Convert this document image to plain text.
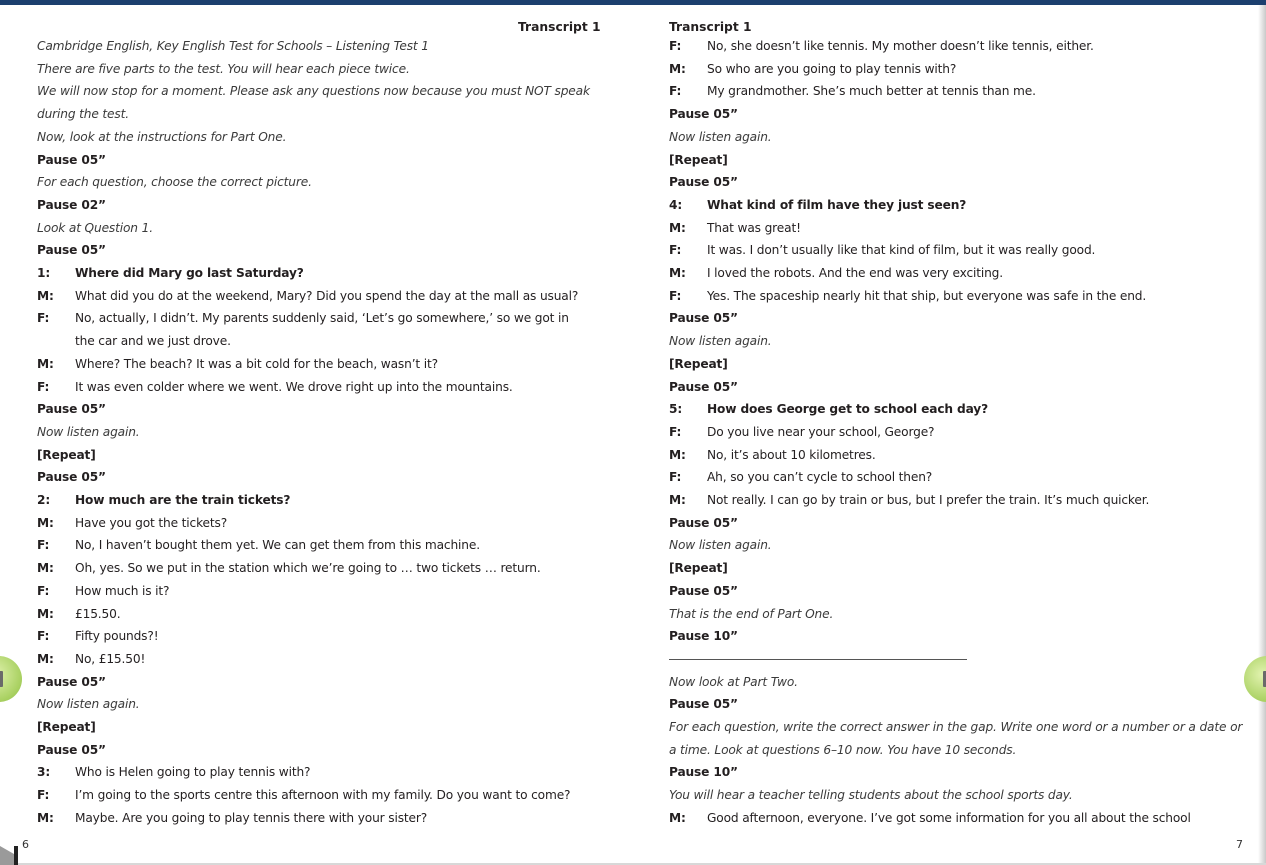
Transcript 1
Cambridge English, Key English Test for Schools – Listening Test 1
There are five parts to the test. You will hear each piece twice.
We will now stop for a moment. Please ask any questions now because you must NOT speak
during the test.
Now, look at the instructions for Part One.
Pause 05”
For each question, choose the correct picture.
Pause 02”
Look at Question 1.
Pause 05”
1: Where did Mary go last Saturday?
M: What did you do at the weekend, Mary? Did you spend the day at the mall as usual?
F: No, actually, I didn’t. My parents suddenly said, ‘Let’s go somewhere,’ so we got in
the car and we just drove.
M: Where? The beach? It was a bit cold for the beach, wasn’t it?
F: It was even colder where we went. We drove right up into the mountains.
Pause 05”
Now listen again.
[Repeat]
Pause 05”
2: How much are the train tickets?
M: Have you got the tickets?
F: No, I haven’t bought them yet. We can get them from this machine.
M: Oh, yes. So we put in the station which we’re going to … two tickets … return.
F: How much is it?
M: £15.50.
F: Fifty pounds?!
M: No, £15.50!
Pause 05”
Now listen again.
[Repeat]
Pause 05”
3: Who is Helen going to play tennis with?
F: I’m going to the sports centre this afternoon with my family. Do you want to come?
M: Maybe. Are you going to play tennis there with your sister?
Transcript 1
F: No, she doesn’t like tennis. My mother doesn’t like tennis, either.
M: So who are you going to play tennis with?
F: My grandmother. She’s much better at tennis than me.
Pause 05”
Now listen again.
[Repeat]
Pause 05”
4: What kind of film have they just seen?
M: That was great!
F: It was. I don’t usually like that kind of film, but it was really good.
M: I loved the robots. And the end was very exciting.
F: Yes. The spaceship nearly hit that ship, but everyone was safe in the end.
Pause 05”
Now listen again.
[Repeat]
Pause 05”
5: How does George get to school each day?
F: Do you live near your school, George?
M: No, it’s about 10 kilometres.
F: Ah, so you can’t cycle to school then?
M: Not really. I can go by train or bus, but I prefer the train. It’s much quicker.
Pause 05”
Now listen again.
[Repeat]
Pause 05”
That is the end of Part One.
Pause 10”
Now look at Part Two.
Pause 05”
For each question, write the correct answer in the gap. Write one word or a number or a date or
a time. Look at questions 6–10 now. You have 10 seconds.
Pause 10”
You will hear a teacher telling students about the school sports day.
M: Good afternoon, everyone. I’ve got some information for you all about the school
6	7
